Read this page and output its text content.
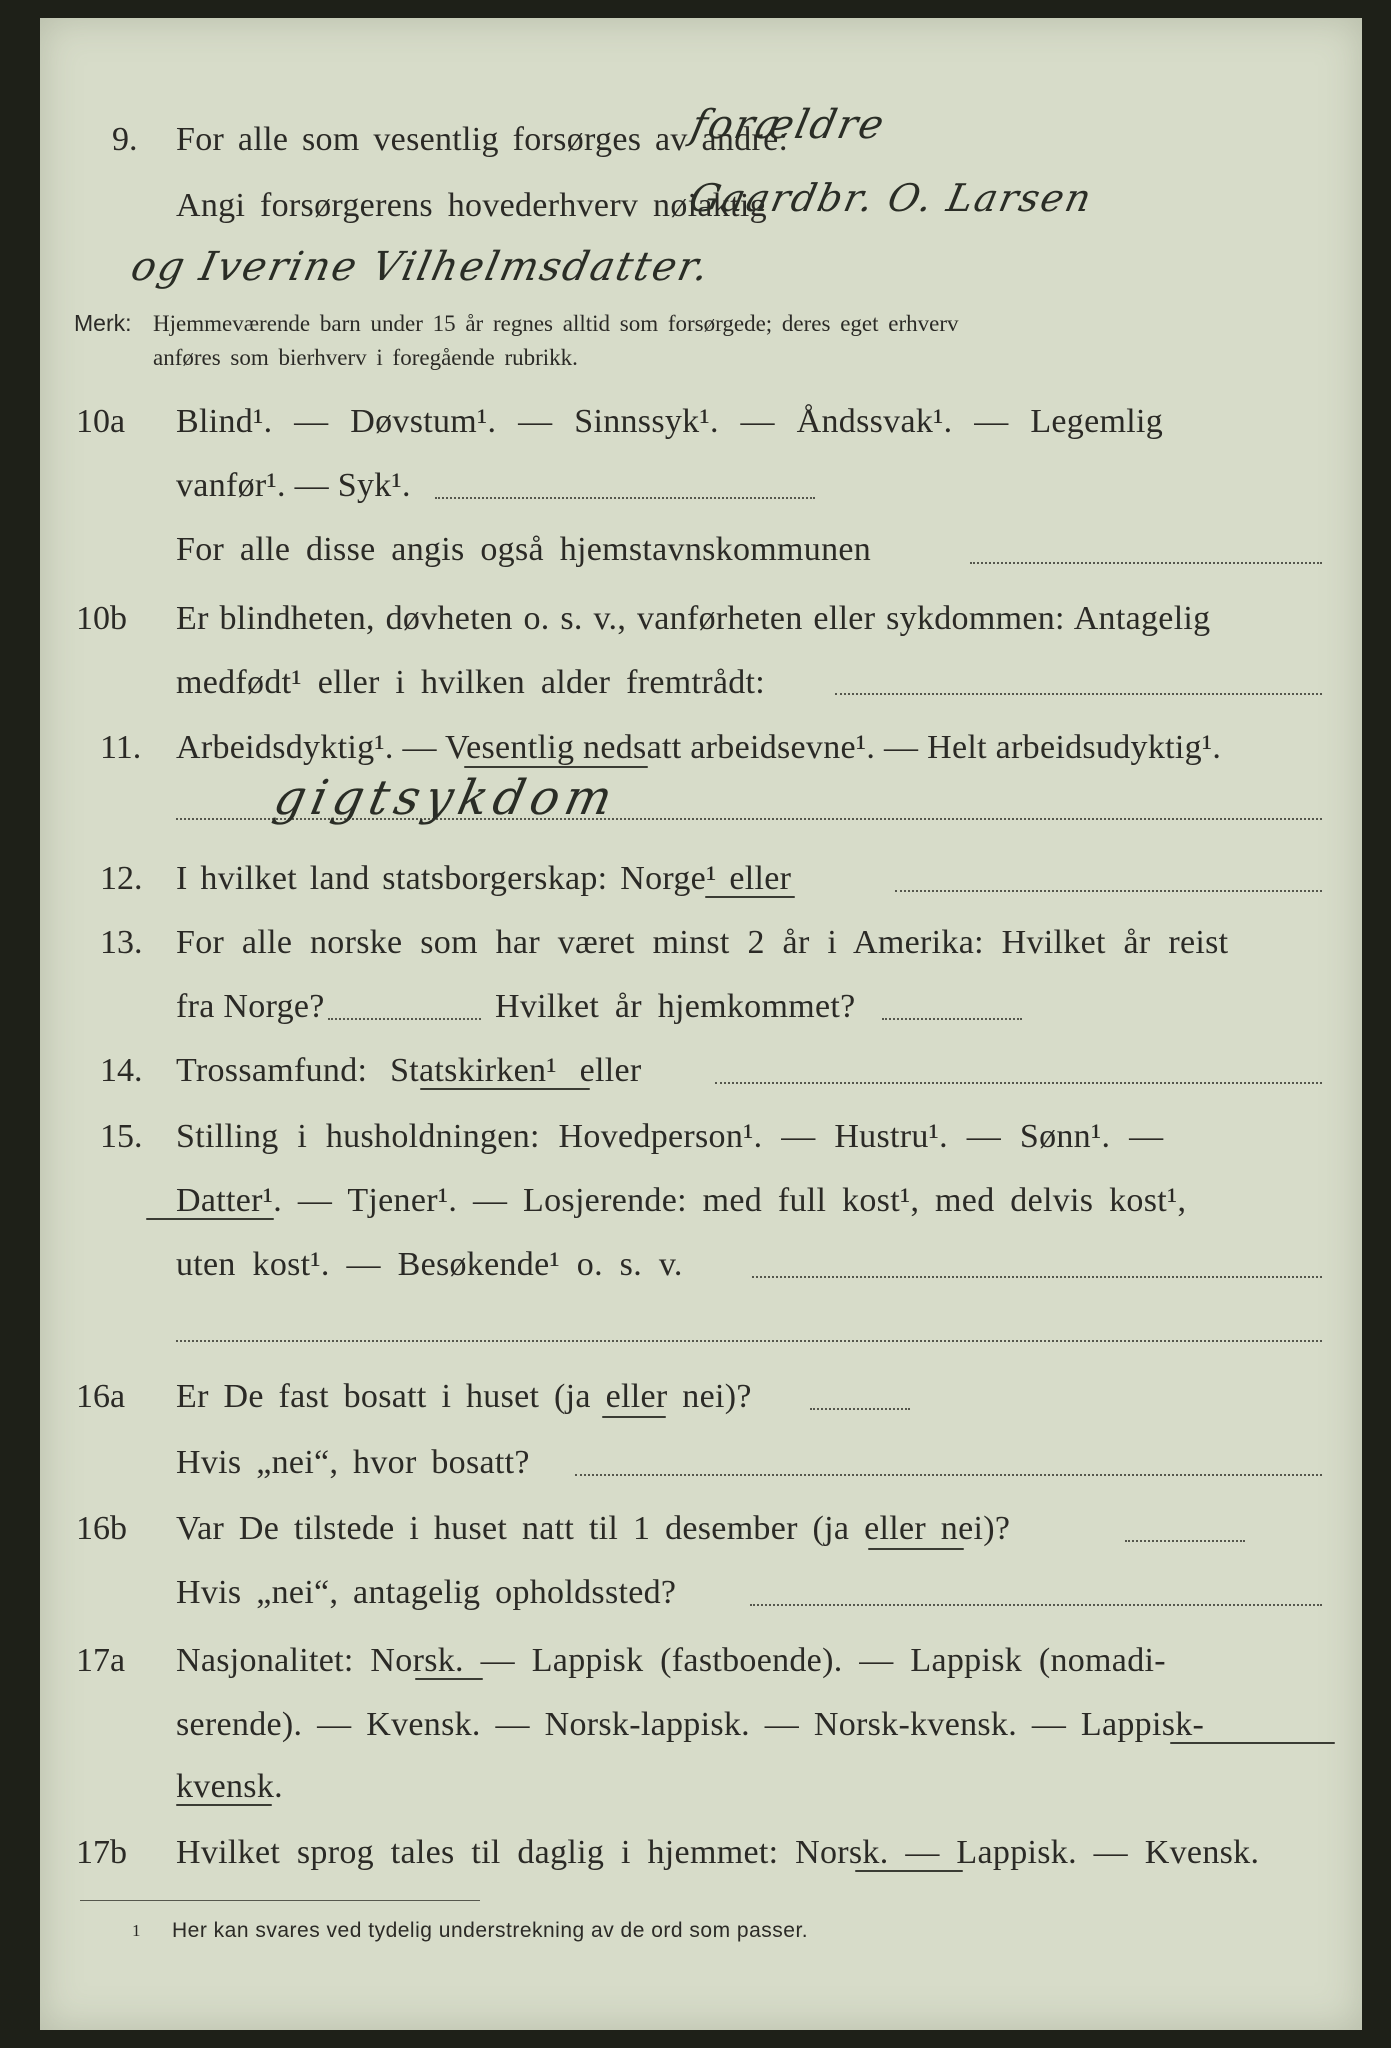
9. For alle som vesentlig forsørges av andre:
forældre
Angi forsørgerens hovederhverv nøiaktig
Gaardbr. O. Larsen
og Iverine Vilhelmsdatter.
Merk: Hjemmeværende barn under 15 år regnes alltid som forsørgede; deres eget erhverv
anføres som bierhverv i foregående rubrikk.
10a Blind¹. — Døvstum¹. — Sinnssyk¹. — Åndssvak¹. — Legemlig
vanfør¹. — Syk¹.
For alle disse angis også hjemstavnskommunen
10b Er blindheten, døvheten o. s. v., vanførheten eller sykdommen: Antagelig
medfødt¹ eller i hvilken alder fremtrådt:
11. Arbeidsdyktig¹. — Vesentlig nedsatt arbeidsevne¹. — Helt arbeidsudyktig¹.
gigtsykdom
12. I hvilket land statsborgerskap: Norge¹ eller
13. For alle norske som har været minst 2 år i Amerika: Hvilket år reist
fra Norge?	Hvilket år hjemkommet?
14. Trossamfund: Statskirken¹ eller
15. Stilling i husholdningen: Hovedperson¹. — Hustru¹. — Sønn¹. —
Datter¹. — Tjener¹. — Losjerende: med full kost¹, med delvis kost¹,
uten kost¹. — Besøkende¹ o. s. v.
16a Er De fast bosatt i huset (ja eller nei)?
Hvis „nei“, hvor bosatt?
16b Var De tilstede i huset natt til 1 desember (ja eller nei)?
Hvis „nei“, antagelig opholdssted?
17a Nasjonalitet: Norsk. — Lappisk (fastboende). — Lappisk (nomadi-
serende). — Kvensk. — Norsk-lappisk. — Norsk-kvensk. — Lappisk-
kvensk.
17b Hvilket sprog tales til daglig i hjemmet: Norsk. — Lappisk. — Kvensk.
1 Her kan svares ved tydelig understrekning av de ord som passer.
